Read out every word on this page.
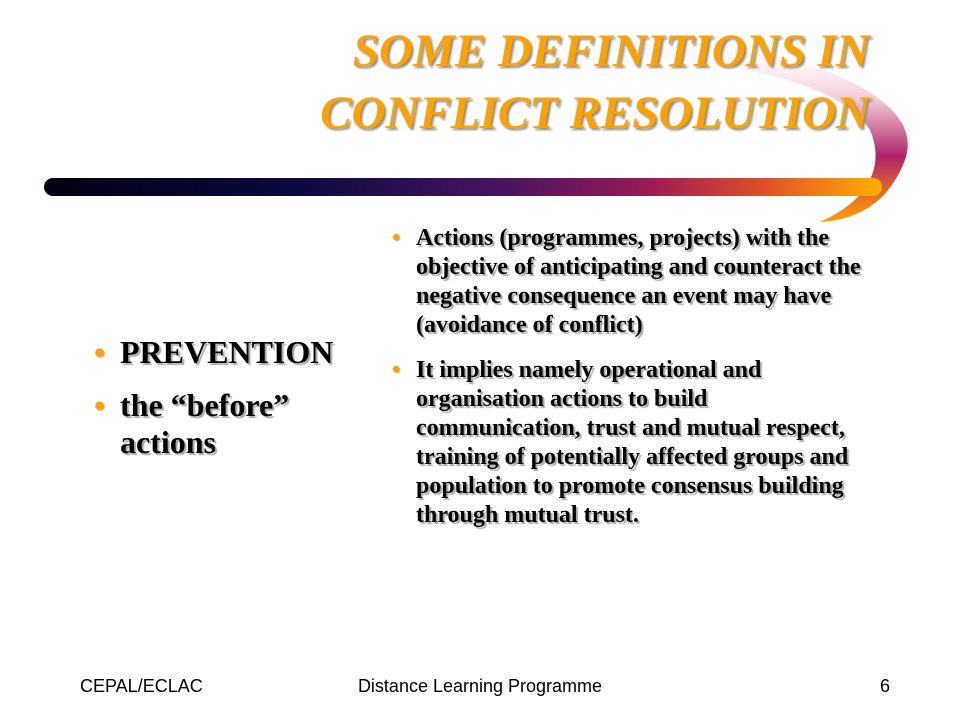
SOME DEFINITIONS IN CONFLICT RESOLUTION
• PREVENTION
• the “before” actions
• Actions (programmes, projects) with the objective of anticipating and counteract the negative consequence an event may have (avoidance of conflict)
• It implies namely operational and organisation actions to build communication, trust and mutual respect, training of potentially affected groups and population to promote consensus building through mutual trust.
CEPAL/ECLAC	Distance Learning Programme	6
